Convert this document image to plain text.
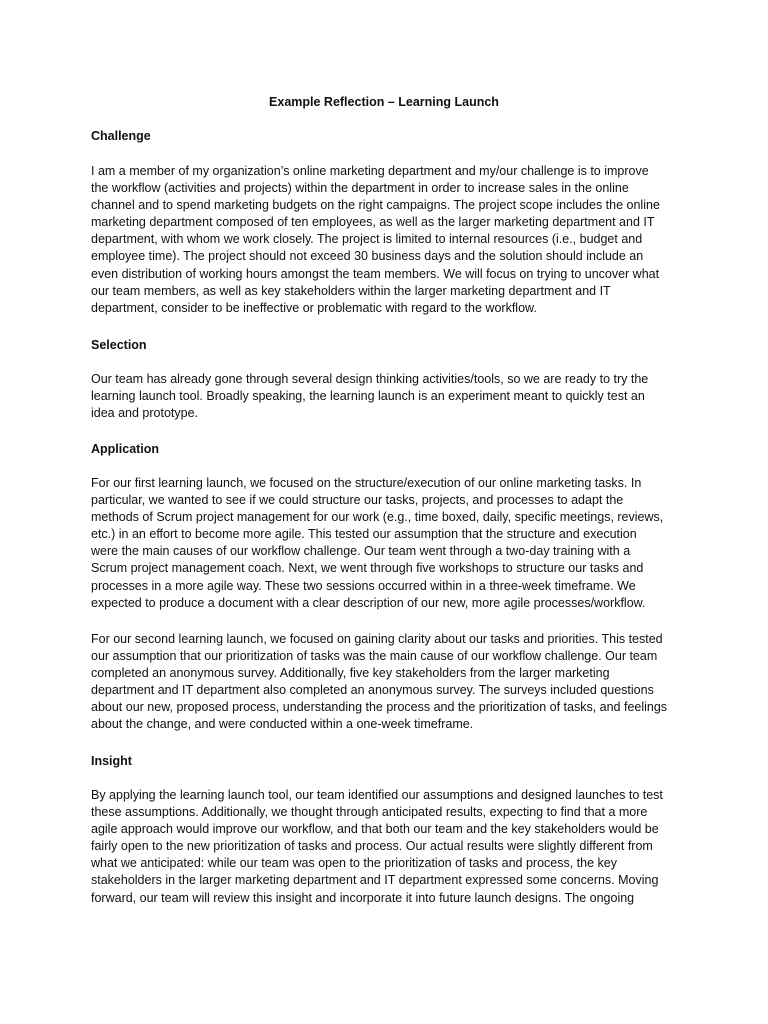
Example Reflection – Learning Launch
Challenge
I am a member of my organization’s online marketing department and my/our challenge is to improve
the workflow (activities and projects) within the department in order to increase sales in the online
channel and to spend marketing budgets on the right campaigns. The project scope includes the online
marketing department composed of ten employees, as well as the larger marketing department and IT
department, with whom we work closely. The project is limited to internal resources (i.e., budget and
employee time). The project should not exceed 30 business days and the solution should include an
even distribution of working hours amongst the team members. We will focus on trying to uncover what
our team members, as well as key stakeholders within the larger marketing department and IT
department, consider to be ineffective or problematic with regard to the workflow.
Selection
Our team has already gone through several design thinking activities/tools, so we are ready to try the
learning launch tool. Broadly speaking, the learning launch is an experiment meant to quickly test an
idea and prototype.
Application
For our first learning launch, we focused on the structure/execution of our online marketing tasks. In
particular, we wanted to see if we could structure our tasks, projects, and processes to adapt the
methods of Scrum project management for our work (e.g., time boxed, daily, specific meetings, reviews,
etc.) in an effort to become more agile. This tested our assumption that the structure and execution
were the main causes of our workflow challenge. Our team went through a two-day training with a
Scrum project management coach. Next, we went through five workshops to structure our tasks and
processes in a more agile way. These two sessions occurred within in a three-week timeframe. We
expected to produce a document with a clear description of our new, more agile processes/workflow.
For our second learning launch, we focused on gaining clarity about our tasks and priorities. This tested
our assumption that our prioritization of tasks was the main cause of our workflow challenge. Our team
completed an anonymous survey. Additionally, five key stakeholders from the larger marketing
department and IT department also completed an anonymous survey. The surveys included questions
about our new, proposed process, understanding the process and the prioritization of tasks, and feelings
about the change, and were conducted within a one-week timeframe.
Insight
By applying the learning launch tool, our team identified our assumptions and designed launches to test
these assumptions. Additionally, we thought through anticipated results, expecting to find that a more
agile approach would improve our workflow, and that both our team and the key stakeholders would be
fairly open to the new prioritization of tasks and process. Our actual results were slightly different from
what we anticipated: while our team was open to the prioritization of tasks and process, the key
stakeholders in the larger marketing department and IT department expressed some concerns. Moving
forward, our team will review this insight and incorporate it into future launch designs. The ongoing
